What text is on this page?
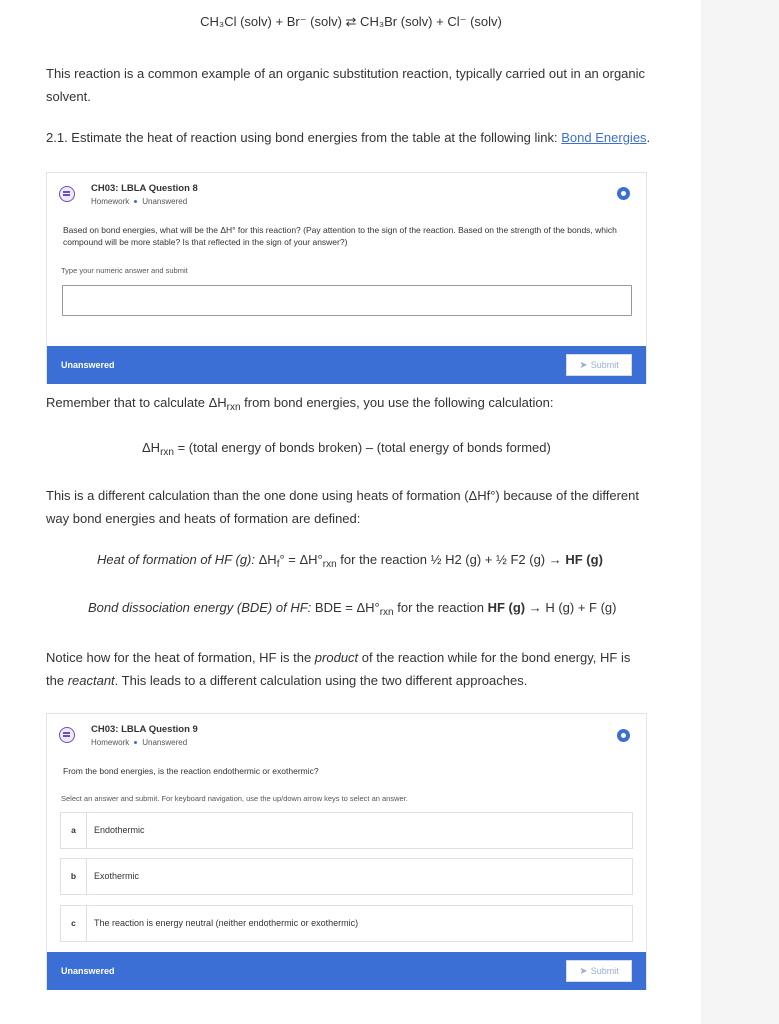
CH₃Cl (solv) + Br⁻ (solv) ⇄ CH₃Br (solv) + Cl⁻ (solv)
This reaction is a common example of an organic substitution reaction, typically carried out in an organic solvent.
2.1. Estimate the heat of reaction using bond energies from the table at the following link: Bond Energies.
CH03: LBLA Question 8
Homework Unanswered
Based on bond energies, what will be the ΔH° for this reaction? (Pay attention to the sign of the reaction. Based on the strength of the bonds, which compound will be more stable? Is that reflected in the sign of your answer?)
Type your numeric answer and submit
Unanswered	➤ Submit
Remember that to calculate $\Delta H_{rxn}$ from bond energies, you use the following calculation:
$\Delta H_{rxn}$ = (total energy of bonds broken) – (total energy of bonds formed)
This is a different calculation than the one done using heats of formation (ΔHf°) because of the different way bond energies and heats of formation are defined:
Heat of formation of HF (g): $\Delta H_f^\circ = \Delta H^\circ_{rxn}$ for the reaction ½ H2 (g) + ½ F2 (g) → HF (g)
Bond dissociation energy (BDE) of HF: BDE = $\Delta H^\circ_{rxn}$ for the reaction HF (g) → H (g) + F (g)
Notice how for the heat of formation, HF is the product of the reaction while for the bond energy, HF is the reactant. This leads to a different calculation using the two different approaches.
CH03: LBLA Question 9
Homework Unanswered
From the bond energies, is the reaction endothermic or exothermic?
Select an answer and submit. For keyboard navigation, use the up/down arrow keys to select an answer.
a	Endothermic
b	Exothermic
c	The reaction is energy neutral (neither endothermic or exothermic)
Unanswered	➤ Submit
